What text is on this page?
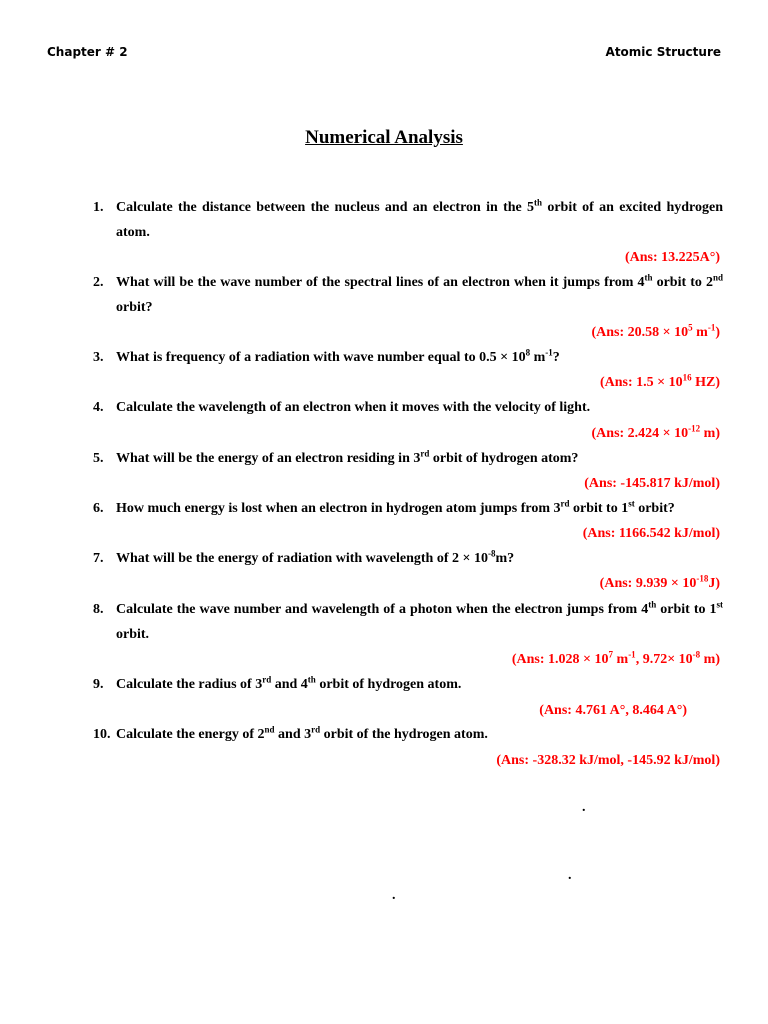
Chapter # 2	Atomic Structure
Numerical Analysis
1. Calculate the distance between the nucleus and an electron in the 5th orbit of an excited hydrogen atom.
(Ans: 13.225A°)
2. What will be the wave number of the spectral lines of an electron when it jumps from 4th orbit to 2nd orbit?
(Ans: $20.58 \times 10^5$ $m^{-1}$)
3. What is frequency of a radiation with wave number equal to $0.5 \times 10^8$ $m^{-1}$?
(Ans: $1.5 \times 10^{16}$ HZ)
4. Calculate the wavelength of an electron when it moves with the velocity of light.
(Ans: $2.424 \times 10^{-12}$ m)
5. What will be the energy of an electron residing in 3rd orbit of hydrogen atom?
(Ans: -145.817 kJ/mol)
6. How much energy is lost when an electron in hydrogen atom jumps from 3rd orbit to 1st orbit?
(Ans: 1166.542 kJ/mol)
7. What will be the energy of radiation with wavelength of $2 \times 10^{-8}m$?
(Ans: $9.939 \times 10^{-18}J$)
8. Calculate the wave number and wavelength of a photon when the electron jumps from 4th orbit to 1st orbit.
(Ans: $1.028 \times 10^7$ $m^{-1}$, $9.72\times 10^{-8}$ m)
9. Calculate the radius of 3rd and 4th orbit of hydrogen atom.
(Ans: 4.761 A°, 8.464 A°)
10. Calculate the energy of 2nd and 3rd orbit of the hydrogen atom.
(Ans: -328.32 kJ/mol, -145.92 kJ/mol)
.
.
.
